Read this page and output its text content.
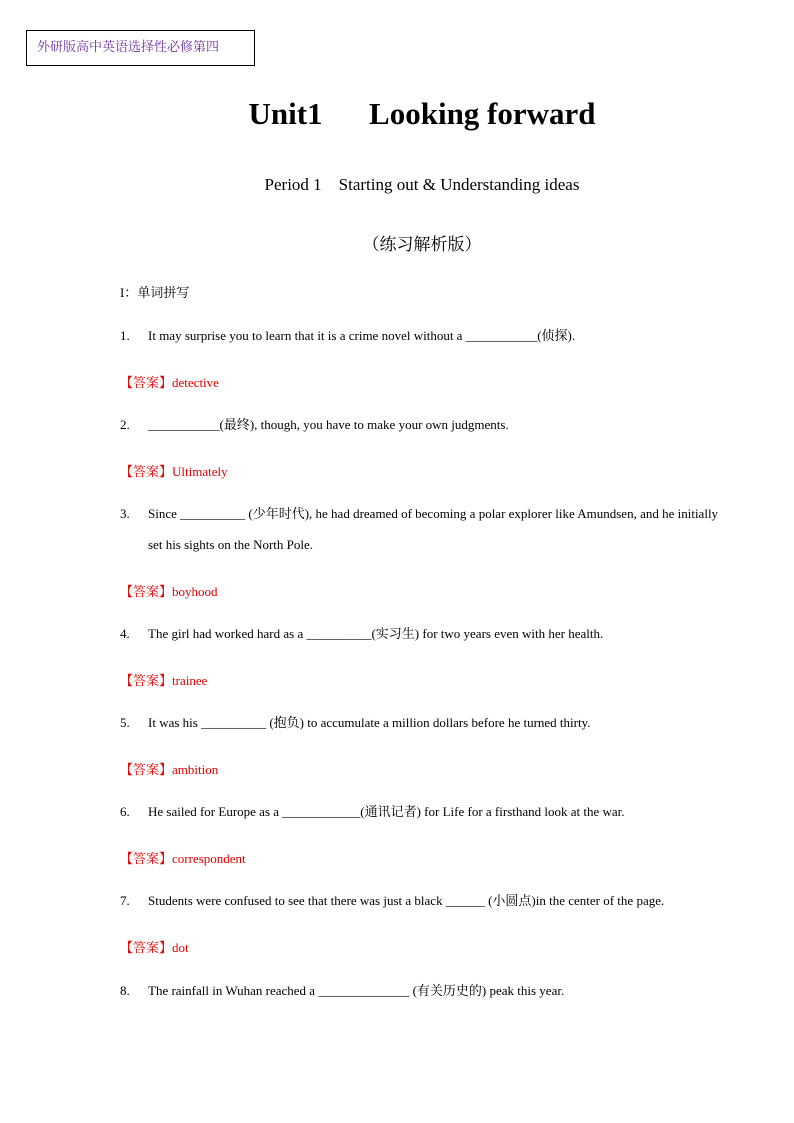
外研版高中英语选择性必修第四
Unit1      Looking forward
Period 1    Starting out & Understanding ideas
（练习解析版）
I：单词拼写
1. It may surprise you to learn that it is a crime novel without a ___________(侦探).
【答案】detective
2. ___________(最终), though, you have to make your own judgments.
【答案】Ultimately
3. Since __________ (少年时代), he had dreamed of becoming a polar explorer like Amundsen, and he initially set his sights on the North Pole.
【答案】boyhood
4. The girl had worked hard as a __________(实习生) for two years even with her health.
【答案】trainee
5. It was his __________ (抱负) to accumulate a million dollars before he turned thirty.
【答案】ambition
6. He sailed for Europe as a ____________(通讯记者) for Life for a firsthand look at the war.
【答案】correspondent
7. Students were confused to see that there was just a black ______ (小圆点)in the center of the page.
【答案】dot
8. The rainfall in Wuhan reached a ______________ (有关历史的) peak this year.
